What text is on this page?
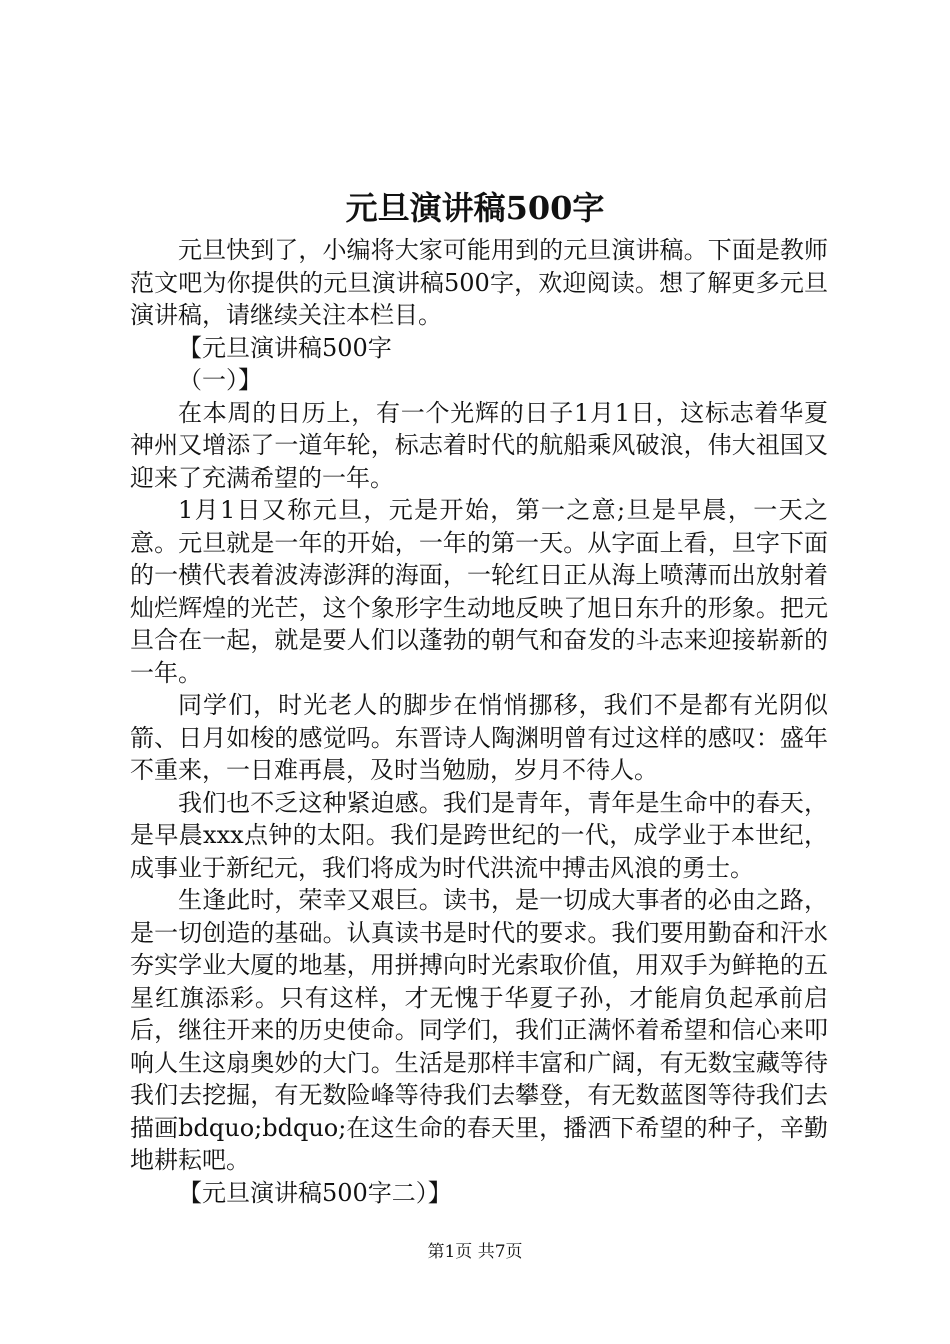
元旦演讲稿500字

元旦快到了，小编将大家可能用到的元旦演讲稿。下面是教师范文吧为你提供的元旦演讲稿500字，欢迎阅读。想了解更多元旦演讲稿，请继续关注本栏目。

【元旦演讲稿500字

（一）】

在本周的日历上，有一个光辉的日子1月1日，这标志着华夏神州又增添了一道年轮，标志着时代的航船乘风破浪，伟大祖国又迎来了充满希望的一年。

1月1日又称元旦，元是开始，第一之意;旦是早晨，一天之意。元旦就是一年的开始，一年的第一天。从字面上看，旦字下面的一横代表着波涛澎湃的海面，一轮红日正从海上喷薄而出放射着灿烂辉煌的光芒，这个象形字生动地反映了旭日东升的形象。把元旦合在一起，就是要人们以蓬勃的朝气和奋发的斗志来迎接崭新的一年。

同学们，时光老人的脚步在悄悄挪移，我们不是都有光阴似箭、日月如梭的感觉吗。东晋诗人陶渊明曾有过这样的感叹：盛年不重来，一日难再晨，及时当勉励，岁月不待人。

我们也不乏这种紧迫感。我们是青年，青年是生命中的春天，是早晨xxx点钟的太阳。我们是跨世纪的一代，成学业于本世纪，成事业于新纪元，我们将成为时代洪流中搏击风浪的勇士。

生逢此时，荣幸又艰巨。读书，是一切成大事者的必由之路，是一切创造的基础。认真读书是时代的要求。我们要用勤奋和汗水夯实学业大厦的地基，用拼搏向时光索取价值，用双手为鲜艳的五星红旗添彩。只有这样，才无愧于华夏子孙，才能肩负起承前启后，继往开来的历史使命。同学们，我们正满怀着希望和信心来叩响人生这扇奥妙的大门。生活是那样丰富和广阔，有无数宝藏等待我们去挖掘，有无数险峰等待我们去攀登，有无数蓝图等待我们去描画bdquo;bdquo;在这生命的春天里，播洒下希望的种子，辛勤地耕耘吧。

【元旦演讲稿500字二）】

第1页 共7页
